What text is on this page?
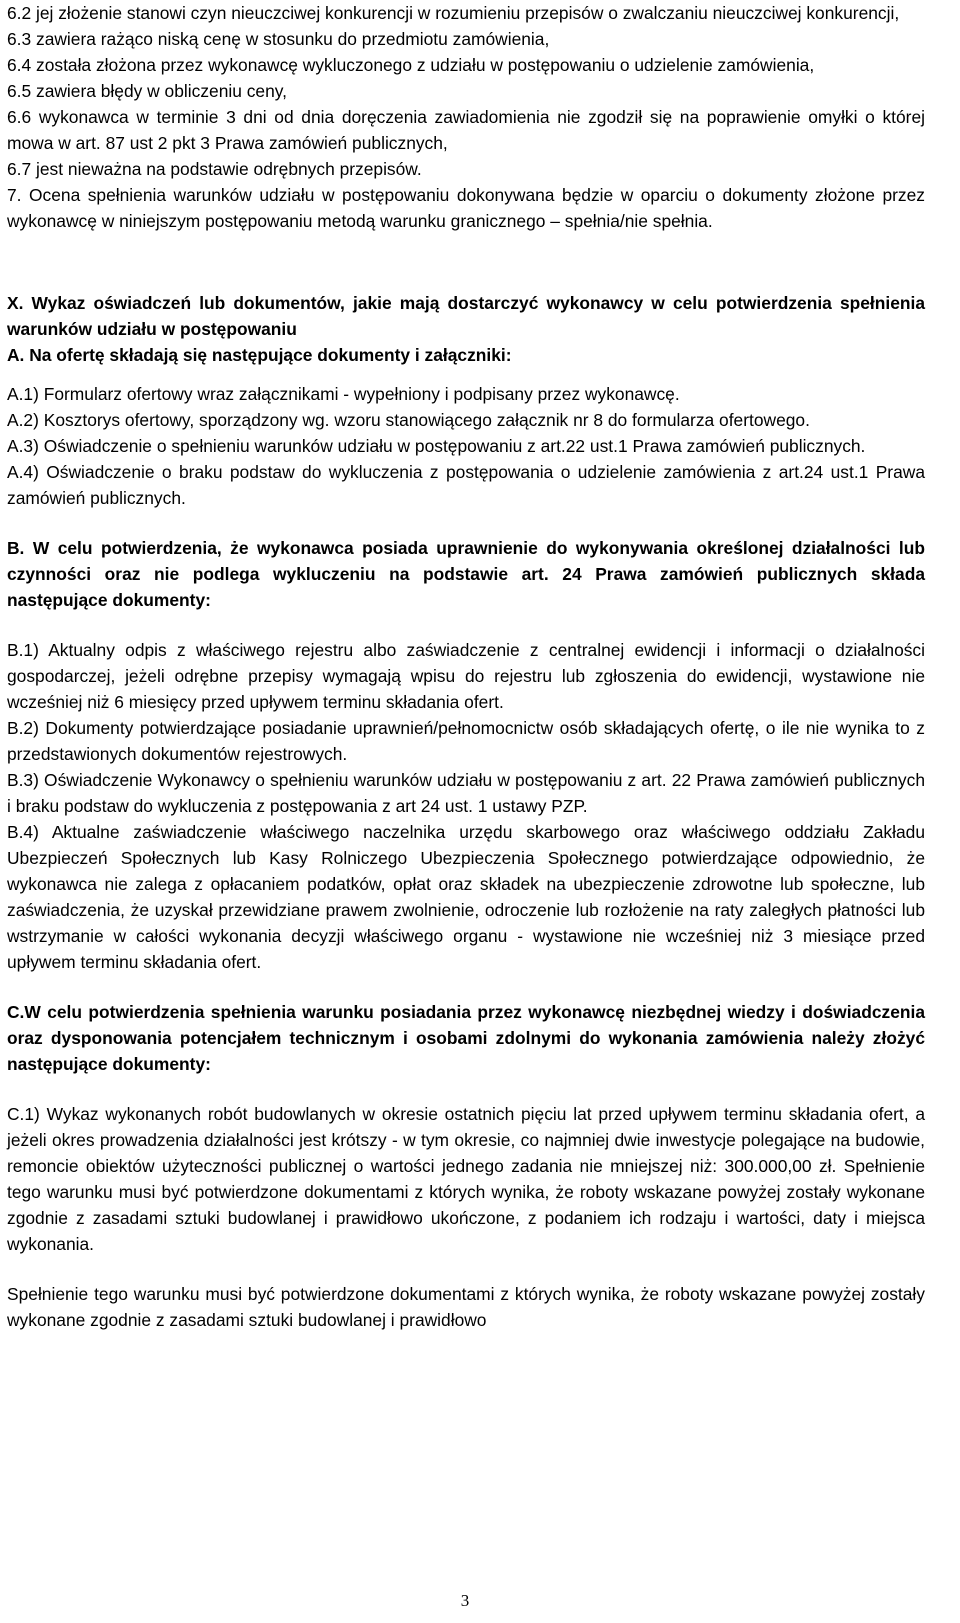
6.2 jej złożenie stanowi czyn nieuczciwej konkurencji w rozumieniu przepisów o zwalczaniu nieuczciwej konkurencji,

6.3 zawiera rażąco niską cenę w stosunku do przedmiotu zamówienia,

6.4 została złożona przez wykonawcę wykluczonego z udziału w postępowaniu o udzielenie zamówienia,

6.5 zawiera błędy w obliczeniu ceny,

6.6 wykonawca w terminie 3 dni od dnia doręczenia zawiadomienia nie zgodził się na poprawienie omyłki o której mowa w art. 87 ust 2 pkt 3 Prawa zamówień publicznych,

6.7 jest nieważna na podstawie odrębnych przepisów.

7. Ocena spełnienia warunków udziału w postępowaniu dokonywana będzie w oparciu o dokumenty złożone przez wykonawcę w niniejszym postępowaniu metodą warunku granicznego – spełnia/nie spełnia.

X. Wykaz oświadczeń lub dokumentów, jakie mają dostarczyć wykonawcy w celu potwierdzenia spełnienia warunków udziału w postępowaniu

A. Na ofertę składają się następujące dokumenty i załączniki:

A.1) Formularz ofertowy wraz załącznikami - wypełniony i podpisany przez wykonawcę.

A.2) Kosztorys ofertowy, sporządzony wg. wzoru stanowiącego załącznik nr 8 do formularza ofertowego.

A.3) Oświadczenie o spełnieniu warunków udziału w postępowaniu z art.22 ust.1 Prawa zamówień publicznych.

A.4) Oświadczenie o braku podstaw do wykluczenia z postępowania o udzielenie zamówienia z art.24 ust.1 Prawa zamówień publicznych.

B. W celu potwierdzenia, że wykonawca posiada uprawnienie do wykonywania określonej działalności lub czynności oraz nie podlega wykluczeniu na podstawie art. 24 Prawa zamówień publicznych składa następujące dokumenty:

B.1) Aktualny odpis z właściwego rejestru albo zaświadczenie z centralnej ewidencji i informacji o działalności gospodarczej, jeżeli odrębne przepisy wymagają wpisu do rejestru lub zgłoszenia do ewidencji, wystawione nie wcześniej niż 6 miesięcy przed upływem terminu składania ofert.

B.2) Dokumenty potwierdzające posiadanie uprawnień/pełnomocnictw osób składających ofertę, o ile nie wynika to z przedstawionych dokumentów rejestrowych.

B.3) Oświadczenie Wykonawcy o spełnieniu warunków udziału w postępowaniu z art. 22 Prawa zamówień publicznych i braku podstaw do wykluczenia z postępowania z art 24 ust. 1 ustawy PZP.

B.4) Aktualne zaświadczenie właściwego naczelnika urzędu skarbowego oraz właściwego oddziału Zakładu Ubezpieczeń Społecznych lub Kasy Rolniczego Ubezpieczenia Społecznego potwierdzające odpowiednio, że wykonawca nie zalega z opłacaniem podatków, opłat oraz składek na ubezpieczenie zdrowotne lub społeczne, lub zaświadczenia, że uzyskał przewidziane prawem zwolnienie, odroczenie lub rozłożenie na raty zaległych płatności lub wstrzymanie w całości wykonania decyzji właściwego organu - wystawione nie wcześniej niż 3 miesiące przed upływem terminu składania ofert.

C.W celu potwierdzenia spełnienia warunku posiadania przez wykonawcę niezbędnej wiedzy i doświadczenia oraz dysponowania potencjałem technicznym i osobami zdolnymi do wykonania zamówienia należy złożyć następujące dokumenty:

C.1) Wykaz wykonanych robót budowlanych w okresie ostatnich pięciu lat przed upływem terminu składania ofert, a jeżeli okres prowadzenia działalności jest krótszy - w tym okresie, co najmniej dwie inwestycje polegające na budowie, remoncie obiektów użyteczności publicznej o wartości jednego zadania nie mniejszej niż: 300.000,00 zł. Spełnienie tego warunku musi być potwierdzone dokumentami z których wynika, że roboty wskazane powyżej zostały wykonane zgodnie z zasadami sztuki budowlanej i prawidłowo ukończone, z podaniem ich rodzaju i wartości, daty i miejsca wykonania.

Spełnienie tego warunku musi być potwierdzone dokumentami z których wynika, że roboty wskazane powyżej zostały wykonane zgodnie z zasadami sztuki budowlanej i prawidłowo

3
